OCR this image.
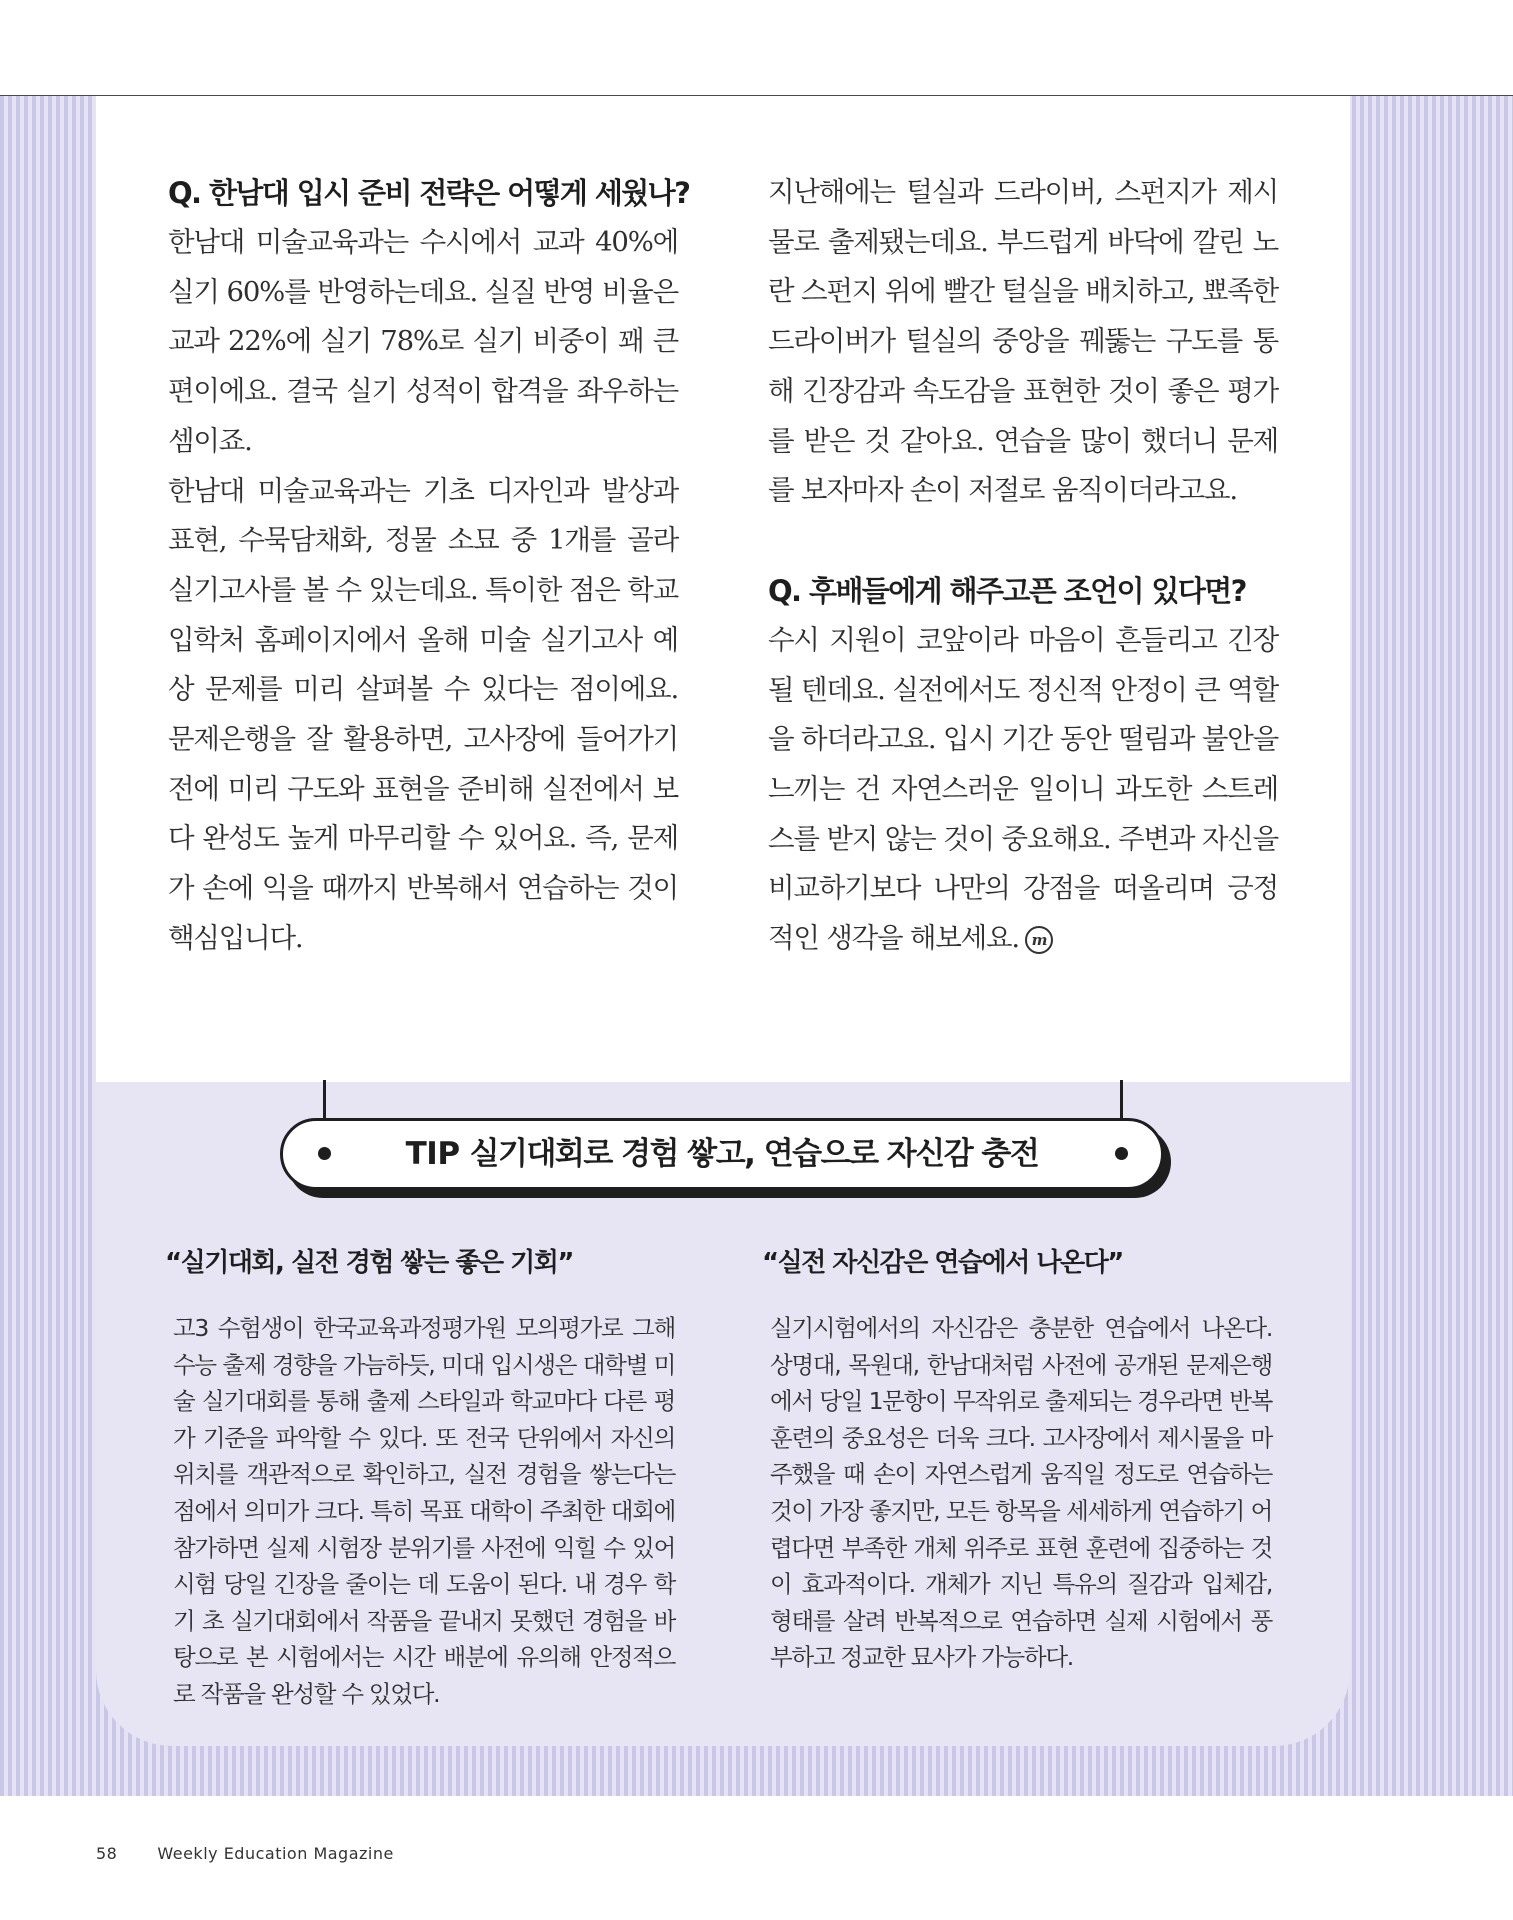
Q. 한남대 입시 준비 전략은 어떻게 세웠나?

한남대 미술교육과는 수시에서 교과 40%에 실기 60%를 반영하는데요. 실질 반영 비율은 교과 22%에 실기 78%로 실기 비중이 꽤 큰 편이에요. 결국 실기 성적이 합격을 좌우하는 셈이죠.

한남대 미술교육과는 기초 디자인과 발상과 표현, 수묵담채화, 정물 소묘 중 1개를 골라 실기고사를 볼 수 있는데요. 특이한 점은 학교 입학처 홈페이지에서 올해 미술 실기고사 예상 문제를 미리 살펴볼 수 있다는 점이에요. 문제은행을 잘 활용하면, 고사장에 들어가기 전에 미리 구도와 표현을 준비해 실전에서 보다 완성도 높게 마무리할 수 있어요. 즉, 문제가 손에 익을 때까지 반복해서 연습하는 것이 핵심입니다.

지난해에는 털실과 드라이버, 스펀지가 제시물로 출제됐는데요. 부드럽게 바닥에 깔린 노란 스펀지 위에 빨간 털실을 배치하고, 뾰족한 드라이버가 털실의 중앙을 꿰뚫는 구도를 통해 긴장감과 속도감을 표현한 것이 좋은 평가를 받은 것 같아요. 연습을 많이 했더니 문제를 보자마자 손이 저절로 움직이더라고요.

Q. 후배들에게 해주고픈 조언이 있다면?

수시 지원이 코앞이라 마음이 흔들리고 긴장될 텐데요. 실전에서도 정신적 안정이 큰 역할을 하더라고요. 입시 기간 동안 떨림과 불안을 느끼는 건 자연스러운 일이니 과도한 스트레스를 받지 않는 것이 중요해요. 주변과 자신을 비교하기보다 나만의 강점을 떠올리며 긍정적인 생각을 해보세요. m

TIP 실기대회로 경험 쌓고, 연습으로 자신감 충전
“실기대회, 실전 경험 쌓는 좋은 기회”

고3 수험생이 한국교육과정평가원 모의평가로 그해 수능 출제 경향을 가늠하듯, 미대 입시생은 대학별 미술 실기대회를 통해 출제 스타일과 학교마다 다른 평가 기준을 파악할 수 있다. 또 전국 단위에서 자신의 위치를 객관적으로 확인하고, 실전 경험을 쌓는다는 점에서 의미가 크다. 특히 목표 대학이 주최한 대회에 참가하면 실제 시험장 분위기를 사전에 익힐 수 있어 시험 당일 긴장을 줄이는 데 도움이 된다. 내 경우 학기 초 실기대회에서 작품을 끝내지 못했던 경험을 바탕으로 본 시험에서는 시간 배분에 유의해 안정적으로 작품을 완성할 수 있었다.

“실전 자신감은 연습에서 나온다”

실기시험에서의 자신감은 충분한 연습에서 나온다. 상명대, 목원대, 한남대처럼 사전에 공개된 문제은행에서 당일 1문항이 무작위로 출제되는 경우라면 반복 훈련의 중요성은 더욱 크다. 고사장에서 제시물을 마주했을 때 손이 자연스럽게 움직일 정도로 연습하는 것이 가장 좋지만, 모든 항목을 세세하게 연습하기 어렵다면 부족한 개체 위주로 표현 훈련에 집중하는 것이 효과적이다. 개체가 지닌 특유의 질감과 입체감, 형태를 살려 반복적으로 연습하면 실제 시험에서 풍부하고 정교한 묘사가 가능하다.

58	Weekly Education Magazine
